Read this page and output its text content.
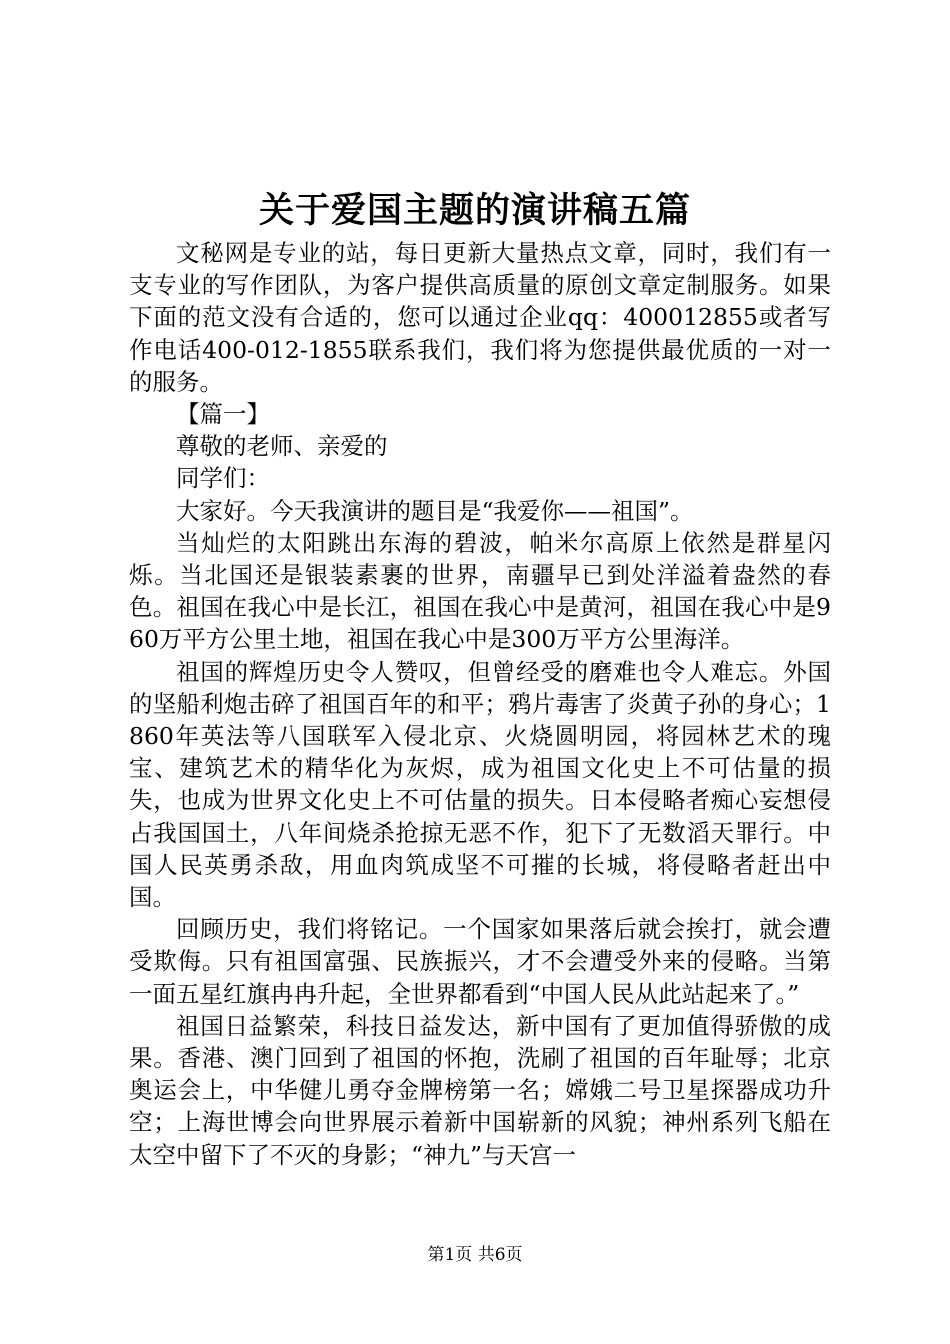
关于爱国主题的演讲稿五篇

文秘网是专业的站，每日更新大量热点文章，同时，我们有一支专业的写作团队，为客户提供高质量的原创文章定制服务。如果下面的范文没有合适的，您可以通过企业qq：400012855或者写作电话400-012-1855联系我们，我们将为您提供最优质的一对一的服务。

【篇一】

尊敬的老师、亲爱的

同学们：

大家好。今天我演讲的题目是“我爱你——祖国”。

当灿烂的太阳跳出东海的碧波，帕米尔高原上依然是群星闪烁。当北国还是银装素裹的世界，南疆早已到处洋溢着盎然的春色。祖国在我心中是长江，祖国在我心中是黄河，祖国在我心中是960万平方公里土地，祖国在我心中是300万平方公里海洋。

祖国的辉煌历史令人赞叹，但曾经受的磨难也令人难忘。外国的坚船利炮击碎了祖国百年的和平；鸦片毒害了炎黄子孙的身心；1860年英法等八国联军入侵北京、火烧圆明园，将园林艺术的瑰宝、建筑艺术的精华化为灰烬，成为祖国文化史上不可估量的损失，也成为世界文化史上不可估量的损失。日本侵略者痴心妄想侵占我国国土，八年间烧杀抢掠无恶不作，犯下了无数滔天罪行。中国人民英勇杀敌，用血肉筑成坚不可摧的长城，将侵略者赶出中国。

回顾历史，我们将铭记。一个国家如果落后就会挨打，就会遭受欺侮。只有祖国富强、民族振兴，才不会遭受外来的侵略。当第一面五星红旗冉冉升起，全世界都看到“中国人民从此站起来了。”

祖国日益繁荣，科技日益发达，新中国有了更加值得骄傲的成果。香港、澳门回到了祖国的怀抱，洗刷了祖国的百年耻辱；北京奥运会上，中华健儿勇夺金牌榜第一名；嫦娥二号卫星探器成功升空；上海世博会向世界展示着新中国崭新的风貌；神州系列飞船在太空中留下了不灭的身影；“神九”与天宫一

第1页 共6页
